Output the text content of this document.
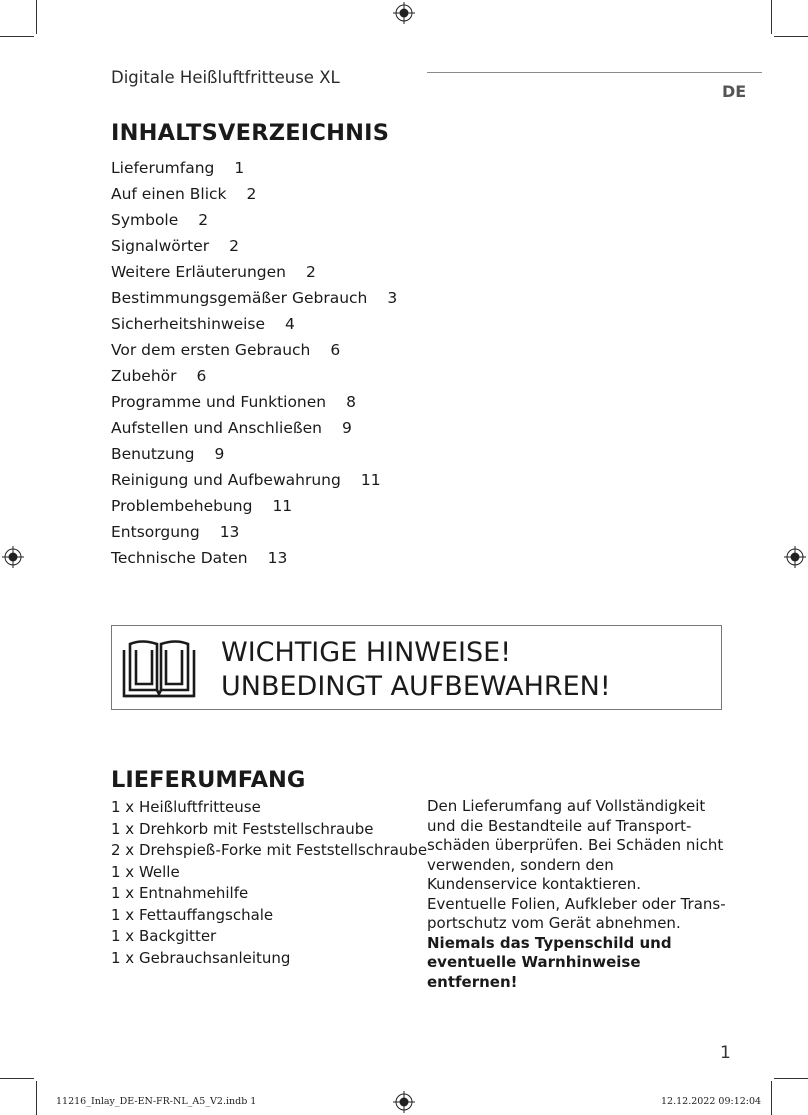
Digitale Heißluftfritteuse XL
DE
INHALTSVERZEICHNIS
Lieferumfang 1
Auf einen Blick 2
Symbole 2
Signalwörter 2
Weitere Erläuterungen 2
Bestimmungsgemäßer Gebrauch 3
Sicherheitshinweise 4
Vor dem ersten Gebrauch 6
Zubehör 6
Programme und Funktionen 8
Aufstellen und Anschließen 9
Benutzung 9
Reinigung und Aufbewahrung 11
Problembehebung 11
Entsorgung 13
Technische Daten 13
WICHTIGE HINWEISE!
UNBEDINGT AUFBEWAHREN!
LIEFERUMFANG
1 x Heißluftfritteuse
1 x Drehkorb mit Feststellschraube
2 x Drehspieß-Forke mit Feststellschraube
1 x Welle
1 x Entnahmehilfe
1 x Fettauffangschale
1 x Backgitter
1 x Gebrauchsanleitung

Den Lieferumfang auf Vollständigkeit und die Bestandteile auf Transportschäden überprüfen. Bei Schäden nicht verwenden, sondern den Kundenservice kontaktieren.

Eventuelle Folien, Aufkleber oder Transportschutz vom Gerät abnehmen. Niemals das Typenschild und eventuelle Warnhinweise entfernen!

1
11216_Inlay_DE-EN-FR-NL_A5_V2.indb 1	12.12.2022 09:12:04
